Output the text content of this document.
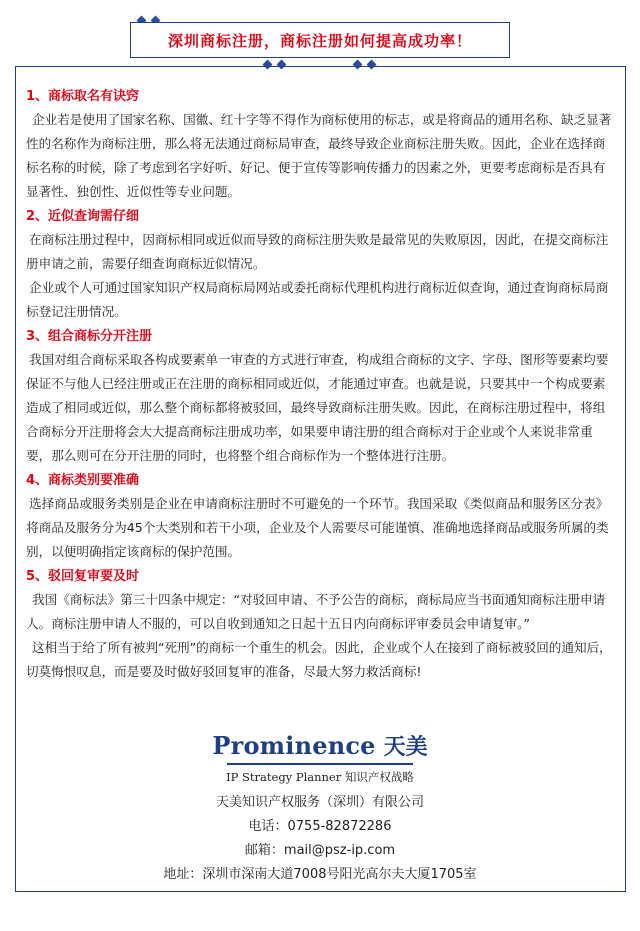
深圳商标注册，商标注册如何提高成功率！
1、商标取名有诀窍

企业若是使用了国家名称、国徽、红十字等不得作为商标使用的标志，或是将商品的通用名称、缺乏显著性的名称作为商标注册，那么将无法通过商标局审查，最终导致企业商标注册失败。因此，企业在选择商标名称的时候，除了考虑到名字好听、好记、便于宣传等影响传播力的因素之外，更要考虑商标是否具有显著性、独创性、近似性等专业问题。

2、近似查询需仔细

在商标注册过程中，因商标相同或近似而导致的商标注册失败是最常见的失败原因，因此，在提交商标注册申请之前，需要仔细查询商标近似情况。

企业或个人可通过国家知识产权局商标局网站或委托商标代理机构进行商标近似查询，通过查询商标局商标登记注册情况。

3、组合商标分开注册

我国对组合商标采取各构成要素单一审查的方式进行审查，构成组合商标的文字、字母、图形等要素均要保证不与他人已经注册或正在注册的商标相同或近似，才能通过审查。也就是说，只要其中一个构成要素造成了相同或近似，那么整个商标都将被驳回，最终导致商标注册失败。因此，在商标注册过程中，将组合商标分开注册将会大大提高商标注册成功率，如果要申请注册的组合商标对于企业或个人来说非常重要，那么则可在分开注册的同时，也将整个组合商标作为一个整体进行注册。

4、商标类别要准确

选择商品或服务类别是企业在申请商标注册时不可避免的一个环节。我国采取《类似商品和服务区分表》将商品及服务分为45个大类别和若干小项，企业及个人需要尽可能谨慎、准确地选择商品或服务所属的类别，以便明确指定该商标的保护范围。

5、驳回复审要及时

我国《商标法》第三十四条中规定：“对驳回申请、不予公告的商标，商标局应当书面通知商标注册申请人。商标注册申请人不服的，可以自收到通知之日起十五日内向商标评审委员会申请复审。”

这相当于给了所有被判“死刑”的商标一个重生的机会。因此，企业或个人在接到了商标被驳回的通知后，切莫悔恨叹息，而是要及时做好驳回复审的准备，尽最大努力救活商标!

Prominence 天美
IP Strategy Planner 知识产权战略
天美知识产权服务（深圳）有限公司
电话：0755-82872286
邮箱：mail@psz-ip.com
地址：深圳市深南大道7008号阳光高尔夫大厦1705室
